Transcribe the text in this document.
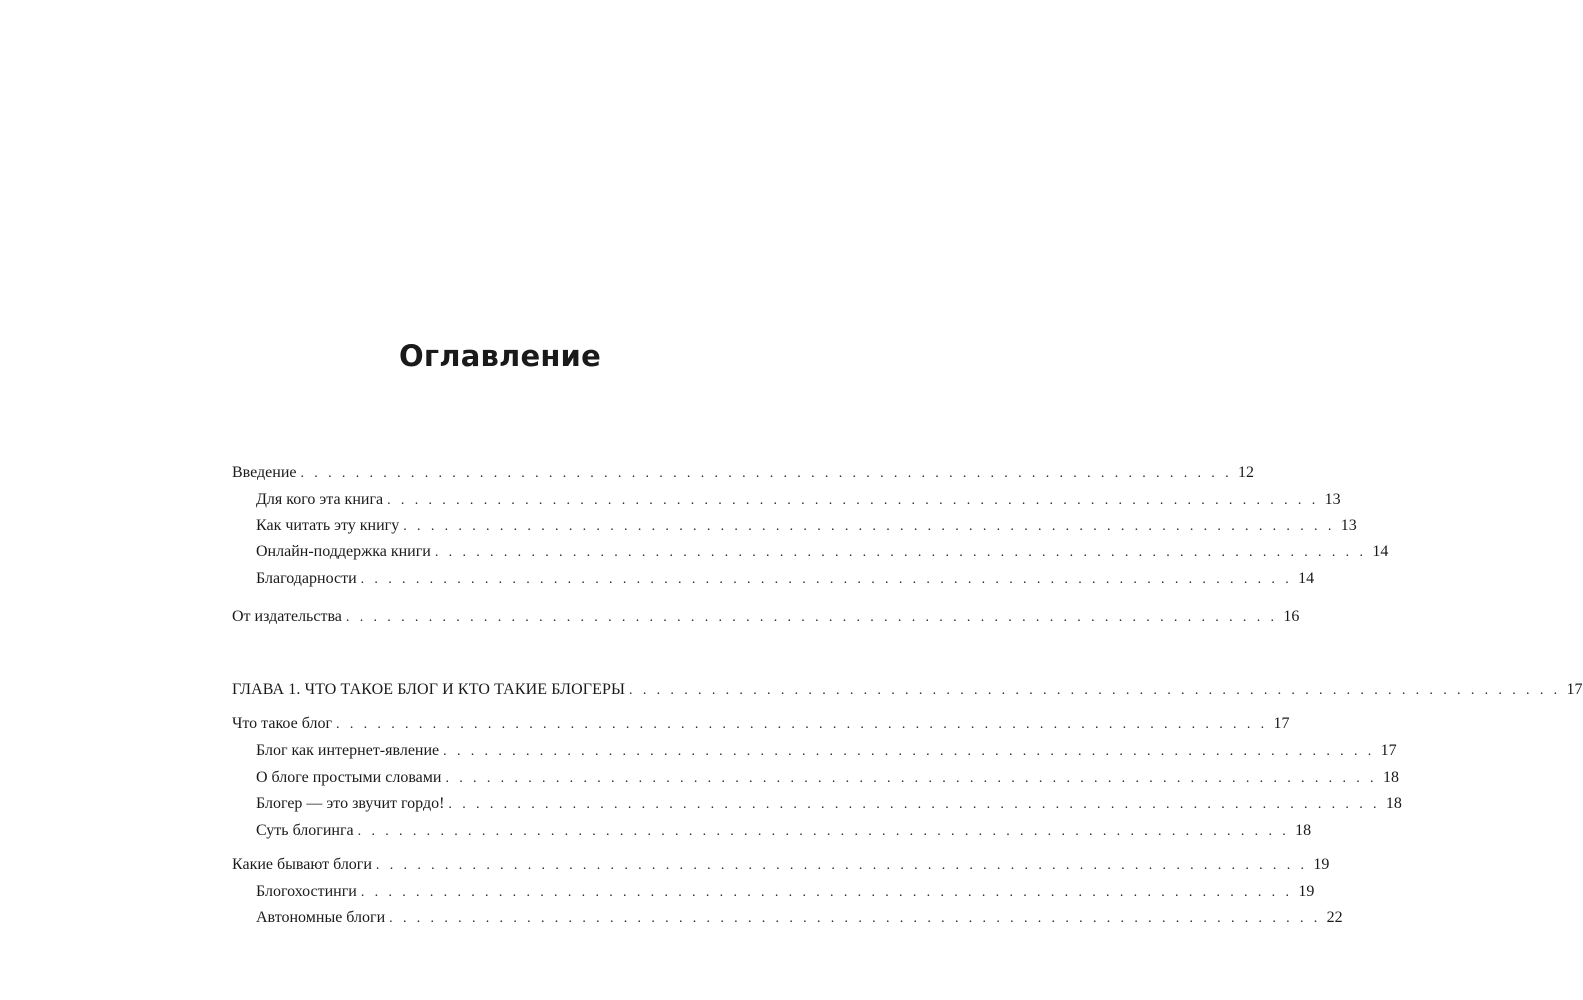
Оглавление
Введение . . . . . . . . . . . . . . . . . . . . . . . . . . . . . . . . . . . . . . . . . . . . . . . . . . . . . . . . . . . . . . . . . . . . 12
Для кого эта книга . . . . . . . . . . . . . . . . . . . . . . . . . . . . . . . . . . . . . . . . . . . . . . . . . . . . . . . . . . . . . . . . . . . . 13
Как читать эту книгу . . . . . . . . . . . . . . . . . . . . . . . . . . . . . . . . . . . . . . . . . . . . . . . . . . . . . . . . . . . . . . . . . . . . 13
Онлайн-поддержка книги . . . . . . . . . . . . . . . . . . . . . . . . . . . . . . . . . . . . . . . . . . . . . . . . . . . . . . . . . . . . . . . . . . . . 14
Благодарности . . . . . . . . . . . . . . . . . . . . . . . . . . . . . . . . . . . . . . . . . . . . . . . . . . . . . . . . . . . . . . . . . . . . 14
От издательства . . . . . . . . . . . . . . . . . . . . . . . . . . . . . . . . . . . . . . . . . . . . . . . . . . . . . . . . . . . . . . . . . . . . 16
ГЛАВА 1. ЧТО ТАКОЕ БЛОГ И КТО ТАКИЕ БЛОГЕРЫ . . . . . . . . . . . . . . . . . . . . . . . . . . . . . . . . . . . . . . . . . . . . . . . . . . . . . . . . . . . . . . . . . . . . 17
Что такое блог . . . . . . . . . . . . . . . . . . . . . . . . . . . . . . . . . . . . . . . . . . . . . . . . . . . . . . . . . . . . . . . . . . . . 17
Блог как интернет-явление . . . . . . . . . . . . . . . . . . . . . . . . . . . . . . . . . . . . . . . . . . . . . . . . . . . . . . . . . . . . . . . . . . . . 17
О блоге простыми словами . . . . . . . . . . . . . . . . . . . . . . . . . . . . . . . . . . . . . . . . . . . . . . . . . . . . . . . . . . . . . . . . . . . . 18
Блогер — это звучит гордо! . . . . . . . . . . . . . . . . . . . . . . . . . . . . . . . . . . . . . . . . . . . . . . . . . . . . . . . . . . . . . . . . . . . . 18
Суть блогинга . . . . . . . . . . . . . . . . . . . . . . . . . . . . . . . . . . . . . . . . . . . . . . . . . . . . . . . . . . . . . . . . . . . . 18
Какие бывают блоги . . . . . . . . . . . . . . . . . . . . . . . . . . . . . . . . . . . . . . . . . . . . . . . . . . . . . . . . . . . . . . . . . . . . 19
Блогохостинги . . . . . . . . . . . . . . . . . . . . . . . . . . . . . . . . . . . . . . . . . . . . . . . . . . . . . . . . . . . . . . . . . . . . 19
Автономные блоги . . . . . . . . . . . . . . . . . . . . . . . . . . . . . . . . . . . . . . . . . . . . . . . . . . . . . . . . . . . . . . . . . . . . 22
